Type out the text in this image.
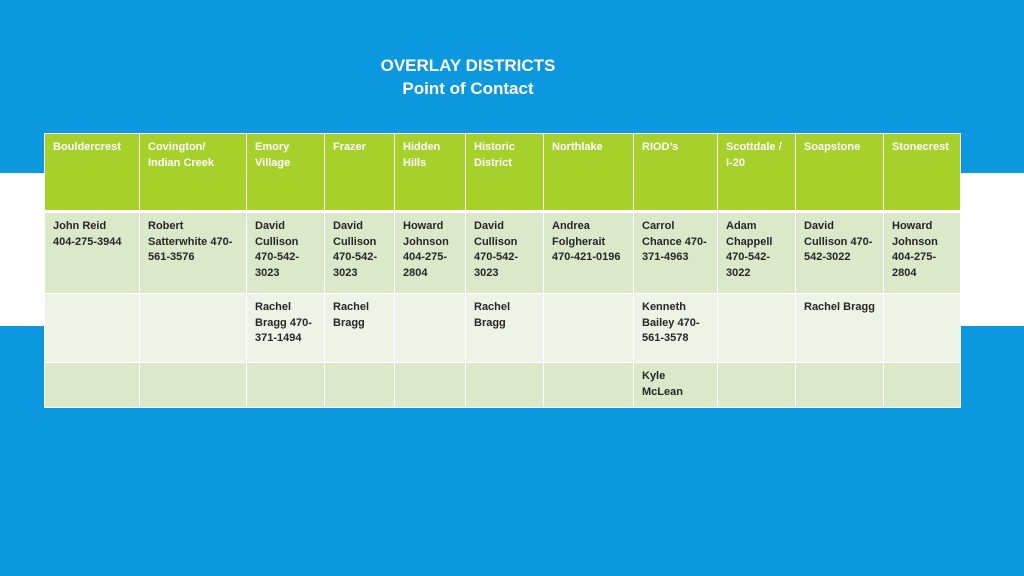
OVERLAY DISTRICTS
Point of Contact
Bouldercrest	Covington/ Indian Creek	Emory Village	Frazer	Hidden Hills	Historic District	Northlake	RIOD’s	Scottdale / I-20	Soapstone	Stonecrest
John Reid 404-275-3944	Robert Satterwhite 470-561-3576	David Cullison 470-542-3023	David Cullison 470-542-3023	Howard Johnson 404-275-2804	David Cullison 470-542-3023	Andrea Folgherait 470-421-0196	Carrol Chance 470-371-4963	Adam Chappell 470-542-3022	David Cullison 470-542-3022	Howard Johnson 404-275-2804
		Rachel Bragg 470-371-1494	Rachel Bragg		Rachel Bragg		Kenneth Bailey 470-561-3578		Rachel Bragg	
							Kyle McLean			
